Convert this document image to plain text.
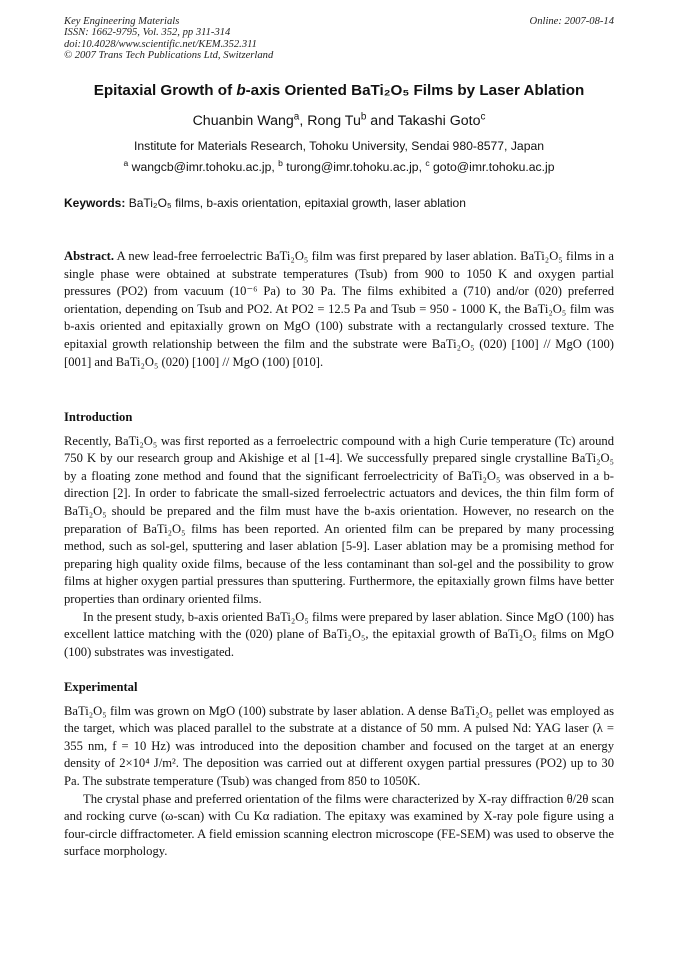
Key Engineering Materials
ISSN: 1662-9795, Vol. 352, pp 311-314
doi:10.4028/www.scientific.net/KEM.352.311
© 2007 Trans Tech Publications Ltd, Switzerland
Online: 2007-08-14
Epitaxial Growth of b-axis Oriented BaTi₂O₅ Films by Laser Ablation
Chuanbin Wang$^a$, Rong Tu$^b$ and Takashi Goto$^c$
Institute for Materials Research, Tohoku University, Sendai 980-8577, Japan
$^a$ wangcb@imr.tohoku.ac.jp, $^b$ turong@imr.tohoku.ac.jp, $^c$ goto@imr.tohoku.ac.jp
Keywords: BaTi₂O₅ films, b-axis orientation, epitaxial growth, laser ablation

Abstract. A new lead-free ferroelectric BaTi₂O₅ film was first prepared by laser ablation. BaTi₂O₅ films in a single phase were obtained at substrate temperatures (Tsub) from 900 to 1050 K and oxygen partial pressures (PO2) from vacuum (10⁻⁶ Pa) to 30 Pa. The films exhibited a (710) and/or (020) preferred orientation, depending on Tsub and PO2. At PO2 = 12.5 Pa and Tsub = 950 - 1000 K, the BaTi₂O₅ film was b-axis oriented and epitaxially grown on MgO (100) substrate with a rectangularly crossed texture. The epitaxial growth relationship between the film and the substrate were BaTi₂O₅ (020) [100] // MgO (100) [001] and BaTi₂O₅ (020) [100] // MgO (100) [010].

Introduction

Recently, BaTi₂O₅ was first reported as a ferroelectric compound with a high Curie temperature (Tc) around 750 K by our research group and Akishige et al [1-4]. We successfully prepared single crystalline BaTi₂O₅ by a floating zone method and found that the significant ferroelectricity of BaTi₂O₅ was observed in a b-direction [2]. In order to fabricate the small-sized ferroelectric actuators and devices, the thin film form of BaTi₂O₅ should be prepared and the film must have the b-axis orientation. However, no research on the preparation of BaTi₂O₅ films has been reported. An oriented film can be prepared by many processing method, such as sol-gel, sputtering and laser ablation [5-9]. Laser ablation may be a promising method for preparing high quality oxide films, because of the less contaminant than sol-gel and the possibility to grow films at higher oxygen partial pressures than sputtering. Furthermore, the epitaxially grown films have better properties than ordinary oriented films.

In the present study, b-axis oriented BaTi₂O₅ films were prepared by laser ablation. Since MgO (100) has excellent lattice matching with the (020) plane of BaTi₂O₅, the epitaxial growth of BaTi₂O₅ films on MgO (100) substrates was investigated.

Experimental

BaTi₂O₅ film was grown on MgO (100) substrate by laser ablation. A dense BaTi₂O₅ pellet was employed as the target, which was placed parallel to the substrate at a distance of 50 mm. A pulsed Nd: YAG laser (λ = 355 nm, f = 10 Hz) was introduced into the deposition chamber and focused on the target at an energy density of 2×10⁴ J/m². The deposition was carried out at different oxygen partial pressures (PO2) up to 30 Pa. The substrate temperature (Tsub) was changed from 850 to 1050K.

The crystal phase and preferred orientation of the films were characterized by X-ray diffraction θ/2θ scan and rocking curve (ω-scan) with Cu Kα radiation. The epitaxy was examined by X-ray pole figure using a four-circle diffractometer. A field emission scanning electron microscope (FE-SEM) was used to observe the surface morphology.
